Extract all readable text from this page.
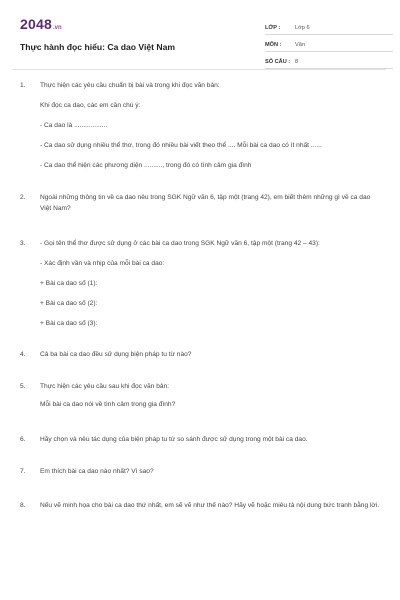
2048 .vn
Thực hành đọc hiểu: Ca dao Việt Nam
LỚP :	Lớp 6
MÔN :	Văn
SỐ CÂU : 8
1. Thực hiện các yêu cầu chuẩn bị bài và trong khi đọc văn bản:
Khi đọc ca dao, các em cần chú ý:
- Ca dao là ..................
- Ca dao sử dụng nhiều thể thơ, trong đó nhiều bài viết theo thể .... Mỗi bài ca dao có ít nhất ......
- Ca dao thể hiện các phương diện .........., trong đó có tình cảm gia đình
2. Ngoài những thông tin về ca dao nêu trong SGK Ngữ văn 6, tập một (trang 42), em biết thêm những gì về ca dao Việt Nam?
3. - Gọi tên thể thơ được sử dụng ở các bài ca dao trong SGK Ngữ văn 6, tập một (trang 42 – 43):
- Xác định vần và nhịp của mỗi bài ca dao:
+ Bài ca dao số (1):
+ Bài ca dao số (2):
+ Bài ca dao số (3):
4. Cả ba bài ca dao đều sử dụng biện pháp tu từ nào?
5. Thực hiện các yêu cầu sau khi đọc văn bản:
Mỗi bài ca dao nói về tình cảm trong gia đình?
6. Hãy chọn và nêu tác dụng của biện pháp tu từ so sánh được sử dụng trong một bài ca dao.
7. Em thích bài ca dao nào nhất? Vì sao?
8. Nếu vẽ minh họa cho bài ca dao thứ nhất, em sẽ vẽ như thế nào? Hãy vẽ hoặc miêu tả nội dung bức tranh bằng lời.
